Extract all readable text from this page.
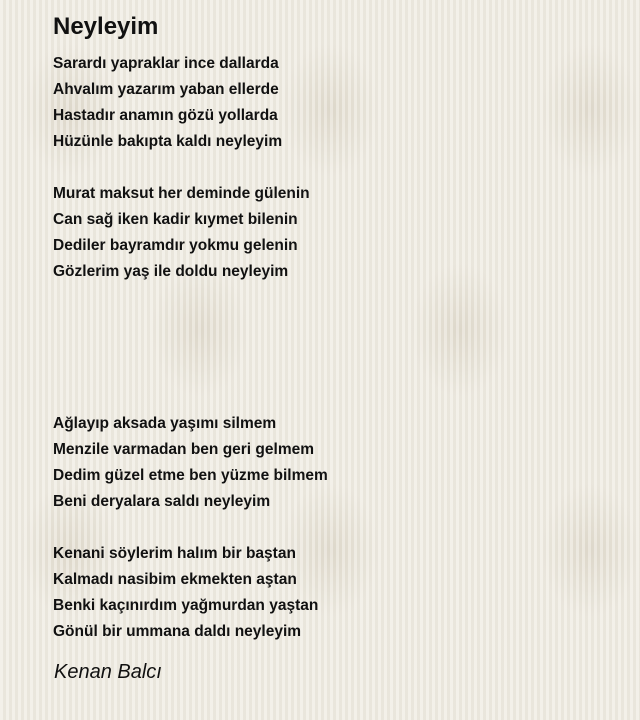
Neyleyim
Sarardı yapraklar ince dallarda
Ahvalım yazarım yaban ellerde
Hastadır anamın gözü yollarda
Hüzünle bakıpta kaldı neyleyim
Murat maksut her deminde gülenin
Can sağ iken kadir kıymet bilenin
Dediler bayramdır yokmu gelenin
Gözlerim yaş ile doldu neyleyim
Ağlayıp aksada yaşımı silmem
Menzile varmadan ben geri gelmem
Dedim güzel etme ben yüzme bilmem
Beni deryalara saldı neyleyim
Kenani söylerim halım bir baştan
Kalmadı nasibim ekmekten aştan
Benki kaçınırdım yağmurdan yaştan
Gönül bir ummana daldı neyleyim
Kenan Balcı
